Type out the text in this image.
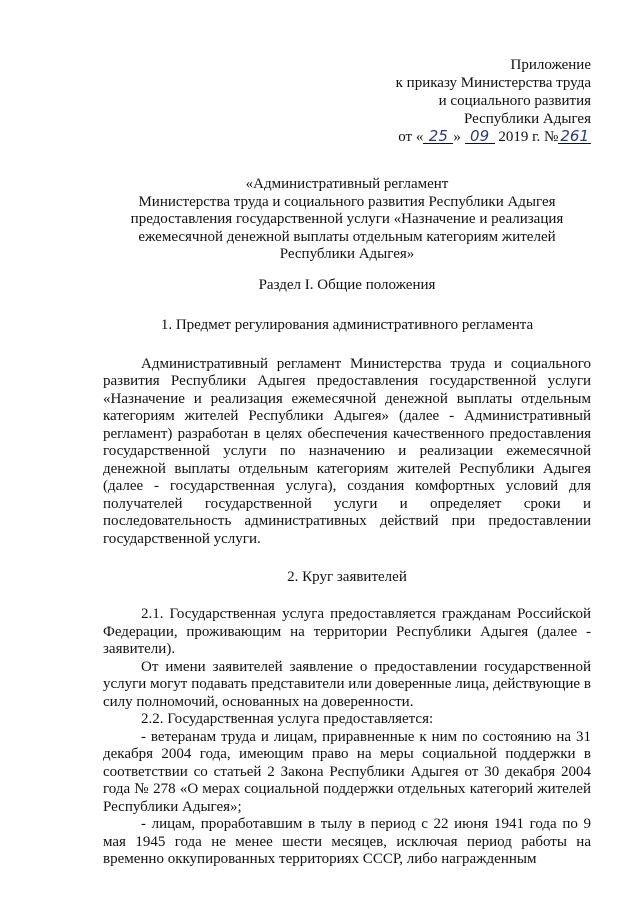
Приложение
к приказу Министерства труда
и социального развития
Республики Адыгея
от « 25 » 09 2019 г. № 261
«Административный регламент
Министерства труда и социального развития Республики Адыгея
предоставления государственной услуги «Назначение и реализация
ежемесячной денежной выплаты отдельным категориям жителей
Республики Адыгея»
Раздел I. Общие положения
1. Предмет регулирования административного регламента

Административный регламент Министерства труда и социального развития Республики Адыгея предоставления государственной услуги «Назначение и реализация ежемесячной денежной выплаты отдельным категориям жителей Республики Адыгея» (далее - Административный регламент) разработан в целях обеспечения качественного предоставления государственной услуги по назначению и реализации ежемесячной денежной выплаты отдельным категориям жителей Республики Адыгея (далее - государственная услуга), создания комфортных условий для получателей государственной услуги и определяет сроки и последовательность административных действий при предоставлении государственной услуги.

2. Круг заявителей

2.1. Государственная услуга предоставляется гражданам Российской Федерации, проживающим на территории Республики Адыгея (далее - заявители).

От имени заявителей заявление о предоставлении государственной услуги могут подавать представители или доверенные лица, действующие в силу полномочий, основанных на доверенности.

2.2. Государственная услуга предоставляется:

- ветеранам труда и лицам, приравненные к ним по состоянию на 31 декабря 2004 года, имеющим право на меры социальной поддержки в соответствии со статьей 2 Закона Республики Адыгея от 30 декабря 2004 года № 278 «О мерах социальной поддержки отдельных категорий жителей Республики Адыгея»;

- лицам, проработавшим в тылу в период с 22 июня 1941 года по 9 мая 1945 года не менее шести месяцев, исключая период работы на временно оккупированных территориях СССР, либо награжденным
